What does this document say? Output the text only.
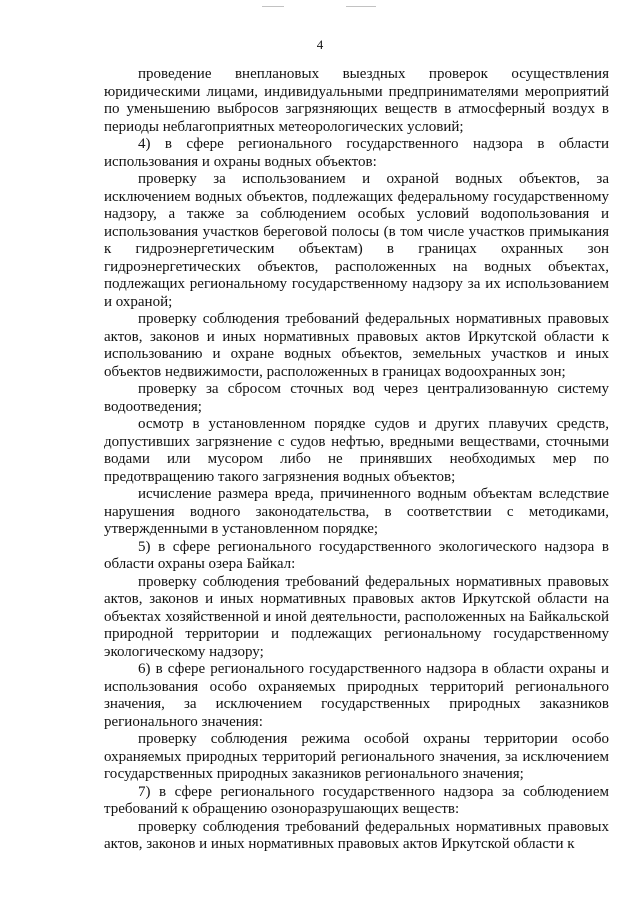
4

проведение внеплановых выездных проверок осуществления юридическими лицами, индивидуальными предпринимателями мероприятий по уменьшению выбросов загрязняющих веществ в атмосферный воздух в периоды неблагоприятных метеорологических условий;

4) в сфере регионального государственного надзора в области использования и охраны водных объектов:

проверку за использованием и охраной водных объектов, за исключением водных объектов, подлежащих федеральному государственному надзору, а также за соблюдением особых условий водопользования и использования участков береговой полосы (в том числе участков примыкания к гидроэнергетическим объектам) в границах охранных зон гидроэнергетических объектов, расположенных на водных объектах, подлежащих региональному государственному надзору за их использованием и охраной;

проверку соблюдения требований федеральных нормативных правовых актов, законов и иных нормативных правовых актов Иркутской области к использованию и охране водных объектов, земельных участков и иных объектов недвижимости, расположенных в границах водоохранных зон;

проверку за сбросом сточных вод через централизованную систему водоотведения;

осмотр в установленном порядке судов и других плавучих средств, допустивших загрязнение с судов нефтью, вредными веществами, сточными водами или мусором либо не принявших необходимых мер по предотвращению такого загрязнения водных объектов;

исчисление размера вреда, причиненного водным объектам вследствие нарушения водного законодательства, в соответствии с методиками, утвержденными в установленном порядке;

5) в сфере регионального государственного экологического надзора в области охраны озера Байкал:

проверку соблюдения требований федеральных нормативных правовых актов, законов и иных нормативных правовых актов Иркутской области на объектах хозяйственной и иной деятельности, расположенных на Байкальской природной территории и подлежащих региональному государственному экологическому надзору;

6) в сфере регионального государственного надзора в области охраны и использования особо охраняемых природных территорий регионального значения, за исключением государственных природных заказников регионального значения:

проверку соблюдения режима особой охраны территории особо охраняемых природных территорий регионального значения, за исключением государственных природных заказников регионального значения;

7) в сфере регионального государственного надзора за соблюдением требований к обращению озоноразрушающих веществ:

проверку соблюдения требований федеральных нормативных правовых актов, законов и иных нормативных правовых актов Иркутской области к
